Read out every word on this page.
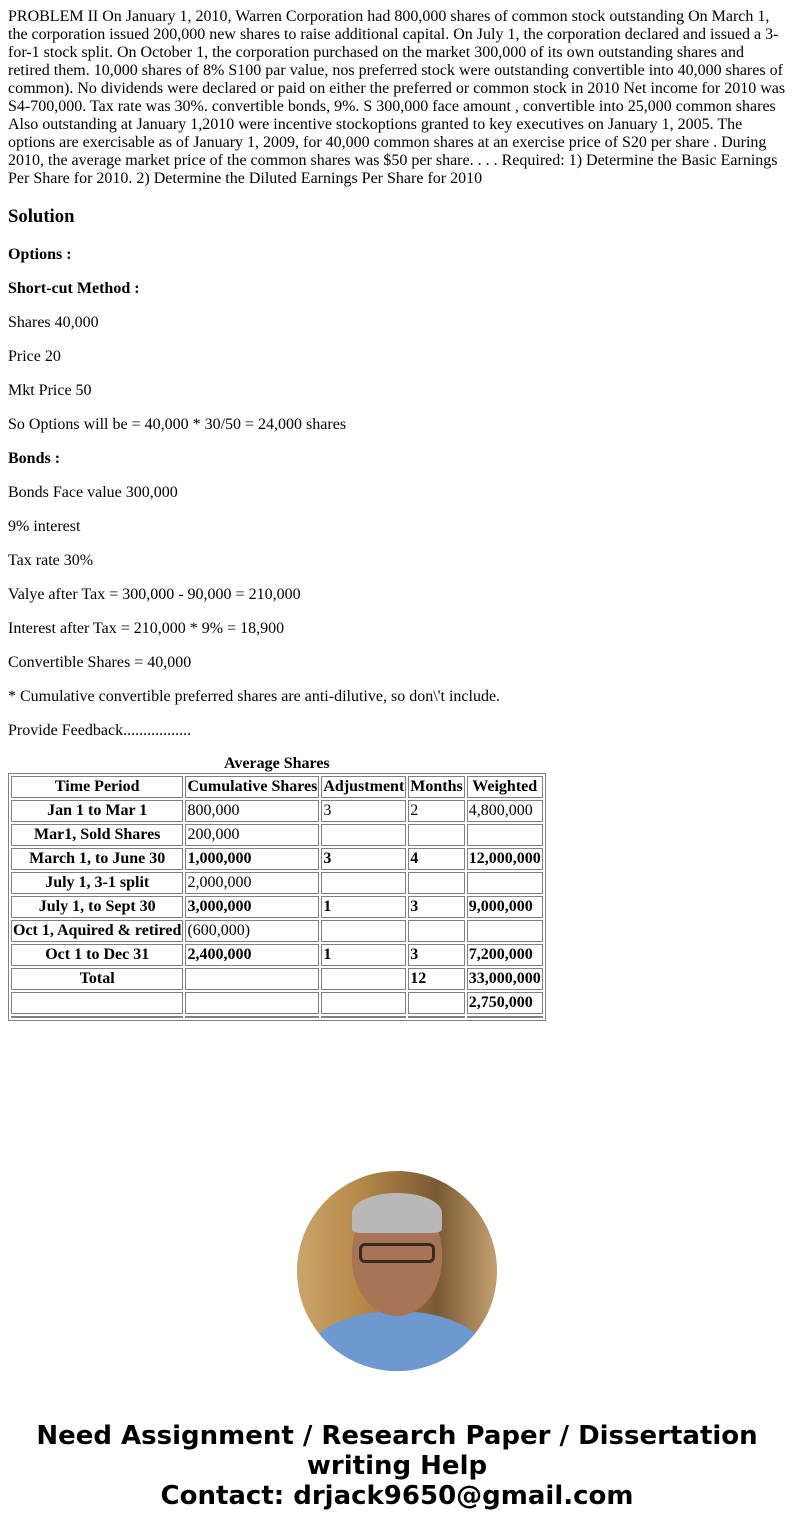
PROBLEM II On January 1, 2010, Warren Corporation had 800,000 shares of common stock outstanding On March 1, the corporation issued 200,000 new shares to raise additional capital. On July 1, the corporation declared and issued a 3-for-1 stock split. On October 1, the corporation purchased on the market 300,000 of its own outstanding shares and retired them. 10,000 shares of 8% S100 par value, nos preferred stock were outstanding convertible into 40,000 shares of common). No dividends were declared or paid on either the preferred or common stock in 2010 Net income for 2010 was S4-700,000. Tax rate was 30%. convertible bonds, 9%. S 300,000 face amount , convertible into 25,000 common shares Also outstanding at January 1,2010 were incentive stockoptions granted to key executives on January 1, 2005. The options are exercisable as of January 1, 2009, for 40,000 common shares at an exercise price of S20 per share . During 2010, the average market price of the common shares was $50 per share. . . . Required: 1) Determine the Basic Earnings Per Share for 2010. 2) Determine the Diluted Earnings Per Share for 2010

Solution

Options :

Short-cut Method :

Shares 40,000

Price 20

Mkt Price 50

So Options will be = 40,000 * 30/50 = 24,000 shares

Bonds :

Bonds Face value 300,000

9% interest

Tax rate 30%

Valye after Tax = 300,000 - 90,000 = 210,000

Interest after Tax = 210,000 * 9% = 18,900

Convertible Shares = 40,000

* Cumulative convertible preferred shares are anti-dilutive, so don\'t include.

Provide Feedback.................

Average Shares
Time Period	Cumulative Shares	Adjustment	Months	Weighted
Jan 1 to Mar 1	800,000	3	2	4,800,000
Mar1, Sold Shares	200,000			
March 1, to June 30	1,000,000	3	4	12,000,000
July 1, 3-1 split	2,000,000			
July 1, to Sept 30	3,000,000	1	3	9,000,000
Oct 1, Aquired & retired	(600,000)			
Oct 1 to Dec 31	2,400,000	1	3	7,200,000
Total			12	33,000,000
				2,750,000

Need Assignment / Research Paper / Dissertation writing Help
Contact: drjack9650@gmail.com
